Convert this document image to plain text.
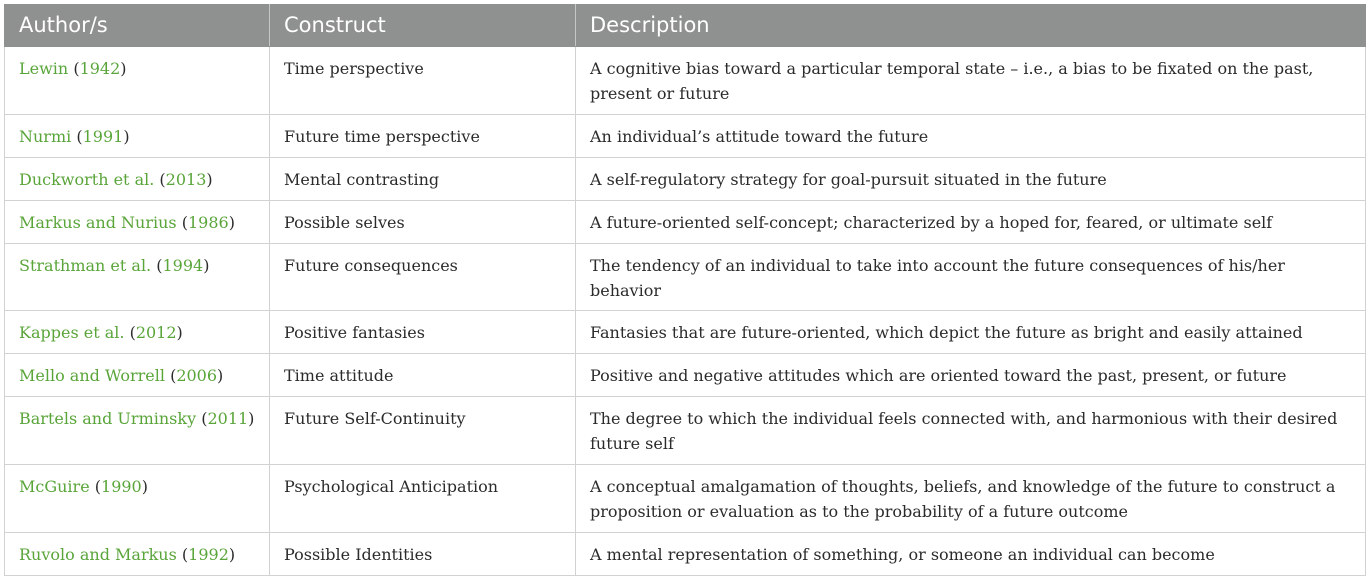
Author/s	Construct	Description
Lewin (1942)	Time perspective	A cognitive bias toward a particular temporal state – i.e., a bias to be fixated on the past, present or future
Nurmi (1991)	Future time perspective	An individual’s attitude toward the future
Duckworth et al. (2013)	Mental contrasting	A self-regulatory strategy for goal-pursuit situated in the future
Markus and Nurius (1986)	Possible selves	A future-oriented self-concept; characterized by a hoped for, feared, or ultimate self
Strathman et al. (1994)	Future consequences	The tendency of an individual to take into account the future consequences of his/her behavior
Kappes et al. (2012)	Positive fantasies	Fantasies that are future-oriented, which depict the future as bright and easily attained
Mello and Worrell (2006)	Time attitude	Positive and negative attitudes which are oriented toward the past, present, or future
Bartels and Urminsky (2011)	Future Self-Continuity	The degree to which the individual feels connected with, and harmonious with their desired future self
McGuire (1990)	Psychological Anticipation	A conceptual amalgamation of thoughts, beliefs, and knowledge of the future to construct a proposition or evaluation as to the probability of a future outcome
Ruvolo and Markus (1992)	Possible Identities	A mental representation of something, or someone an individual can become
